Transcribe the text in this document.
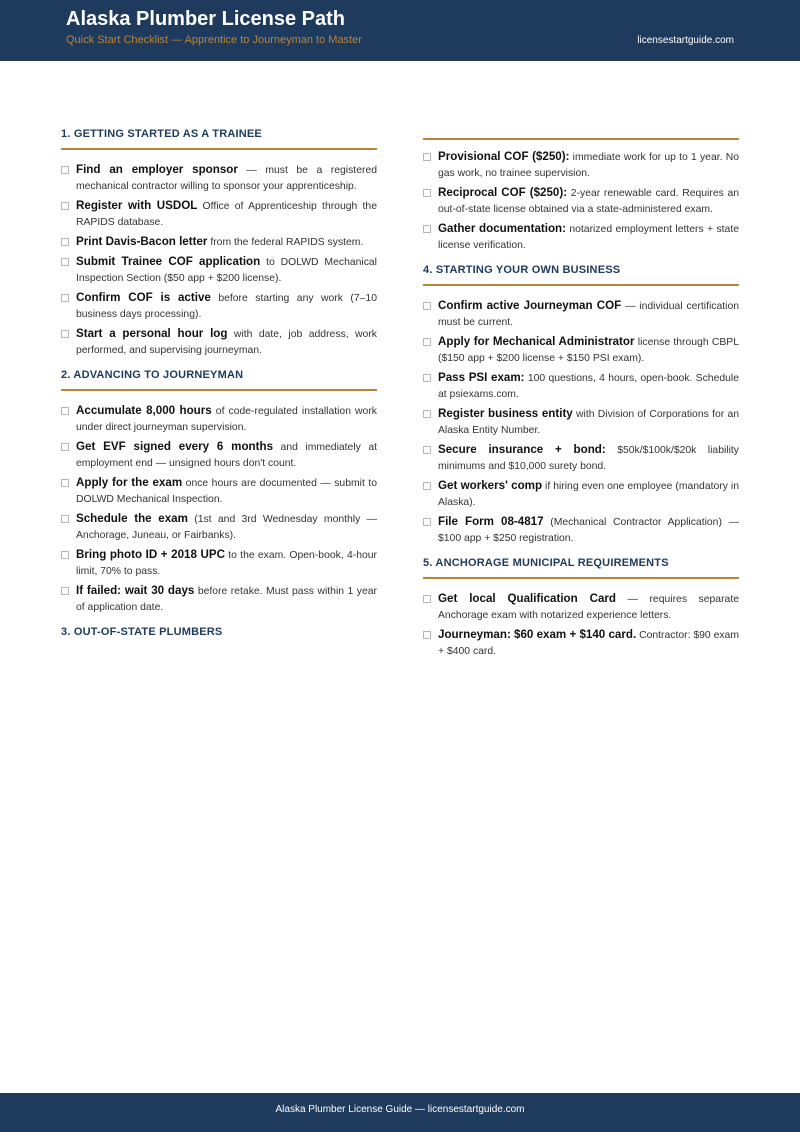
Alaska Plumber License Path
Quick Start Checklist — Apprentice to Journeyman to Master	licensestartguide.com
1. GETTING STARTED AS A TRAINEE
Find an employer sponsor — must be a registered mechanical contractor willing to sponsor your apprenticeship.
Register with USDOL Office of Apprenticeship through the RAPIDS database.
Print Davis-Bacon letter from the federal RAPIDS system.
Submit Trainee COF application to DOLWD Mechanical Inspection Section ($50 app + $200 license).
Confirm COF is active before starting any work (7–10 business days processing).
Start a personal hour log with date, job address, work performed, and supervising journeyman.
2. ADVANCING TO JOURNEYMAN
Accumulate 8,000 hours of code-regulated installation work under direct journeyman supervision.
Get EVF signed every 6 months and immediately at employment end — unsigned hours don't count.
Apply for the exam once hours are documented — submit to DOLWD Mechanical Inspection.
Schedule the exam (1st and 3rd Wednesday monthly — Anchorage, Juneau, or Fairbanks).
Bring photo ID + 2018 UPC to the exam. Open-book, 4-hour limit, 70% to pass.
If failed: wait 30 days before retake. Must pass within 1 year of application date.
3. OUT-OF-STATE PLUMBERS
Provisional COF ($250): immediate work for up to 1 year. No gas work, no trainee supervision.
Reciprocal COF ($250): 2-year renewable card. Requires an out-of-state license obtained via a state-administered exam.
Gather documentation: notarized employment letters + state license verification.
4. STARTING YOUR OWN BUSINESS
Confirm active Journeyman COF — individual certification must be current.
Apply for Mechanical Administrator license through CBPL ($150 app + $200 license + $150 PSI exam).
Pass PSI exam: 100 questions, 4 hours, open-book. Schedule at psiexams.com.
Register business entity with Division of Corporations for an Alaska Entity Number.
Secure insurance + bond: $50k/$100k/$20k liability minimums and $10,000 surety bond.
Get workers' comp if hiring even one employee (mandatory in Alaska).
File Form 08-4817 (Mechanical Contractor Application) — $100 app + $250 registration.
5. ANCHORAGE MUNICIPAL REQUIREMENTS
Get local Qualification Card — requires separate Anchorage exam with notarized experience letters.
Journeyman: $60 exam + $140 card. Contractor: $90 exam + $400 card.
Alaska Plumber License Guide — licensestartguide.com
